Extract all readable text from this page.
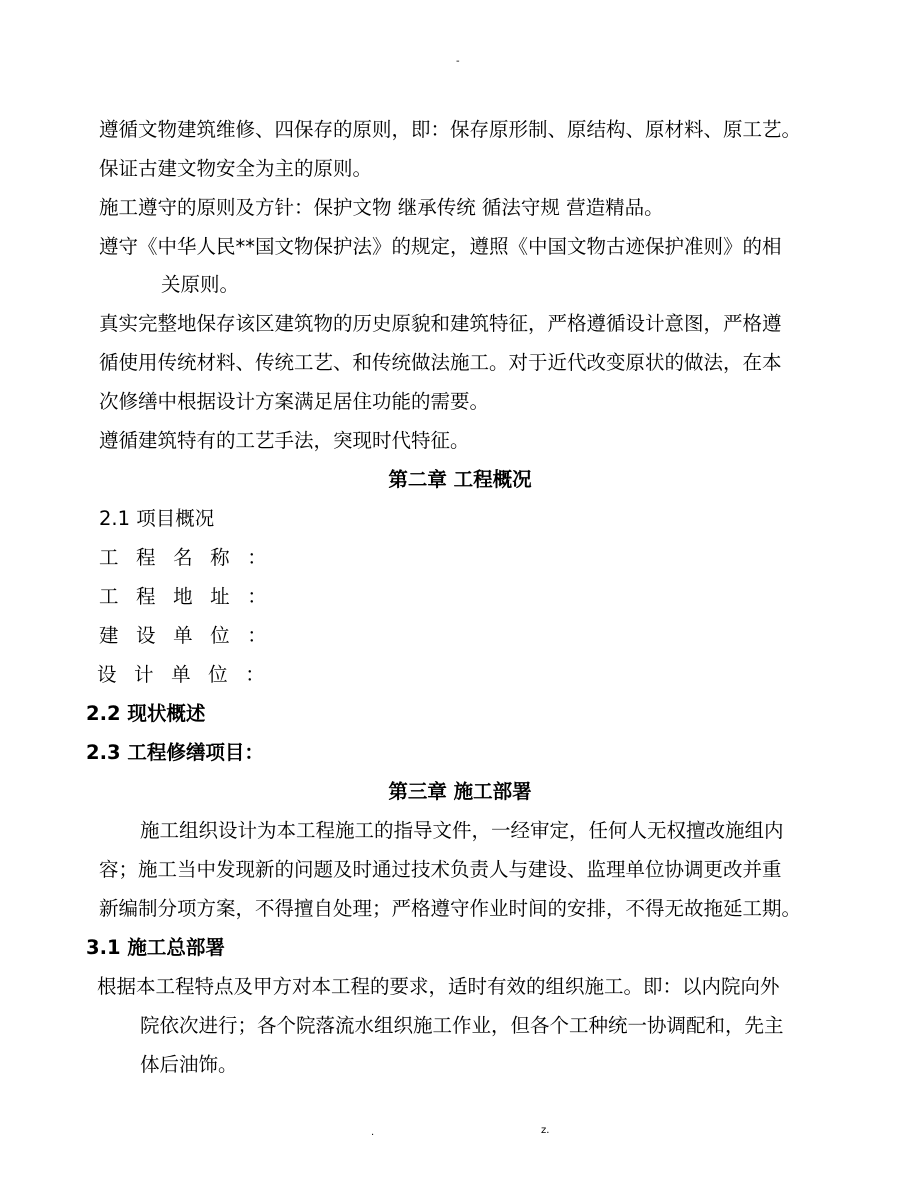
-
遵循文物建筑维修、四保存的原则，即：保存原形制、原结构、原材料、原工艺。
保证古建文物安全为主的原则。
施工遵守的原则及方针：保护文物 继承传统 循法守规 营造精品。
遵守《中华人民**国文物保护法》的规定，遵照《中国文物古迹保护准则》的相
关原则。
真实完整地保存该区建筑物的历史原貌和建筑特征，严格遵循设计意图，严格遵
循使用传统材料、传统工艺、和传统做法施工。对于近代改变原状的做法，在本
次修缮中根据设计方案满足居住功能的需要。
遵循建筑特有的工艺手法，突现时代特征。
第二章 工程概况
2.1 项目概况
工程名称：
工程地址：
建设单位：
设计单位：
2.2 现状概述
2.3 工程修缮项目：
第三章 施工部署
施工组织设计为本工程施工的指导文件，一经审定，任何人无权擅改施组内
容；施工当中发现新的问题及时通过技术负责人与建设、监理单位协调更改并重
新编制分项方案，不得擅自处理；严格遵守作业时间的安排，不得无故拖延工期。
3.1 施工总部署
根据本工程特点及甲方对本工程的要求，适时有效的组织施工。即：以内院向外
院依次进行；各个院落流水组织施工作业，但各个工种统一协调配和，先主
体后油饰。
.	z.
